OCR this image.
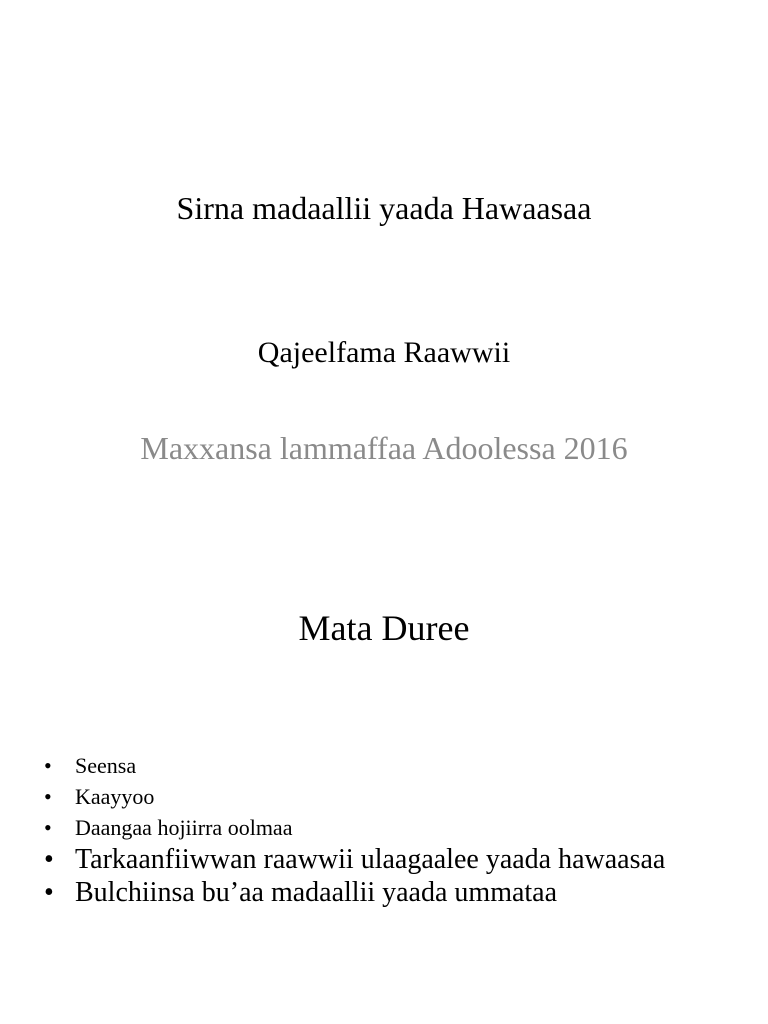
Sirna madaallii yaada Hawaasaa
Qajeelfama Raawwii

Maxxansa lammaffaa Adoolessa 2016

Mata Duree
• Seensa
• Kaayyoo
• Daangaa hojiirra oolmaa
• Tarkaanfiiwwan raawwii ulaagaalee yaada hawaasaa
• Bulchiinsa bu’aa madaallii yaada ummataa
